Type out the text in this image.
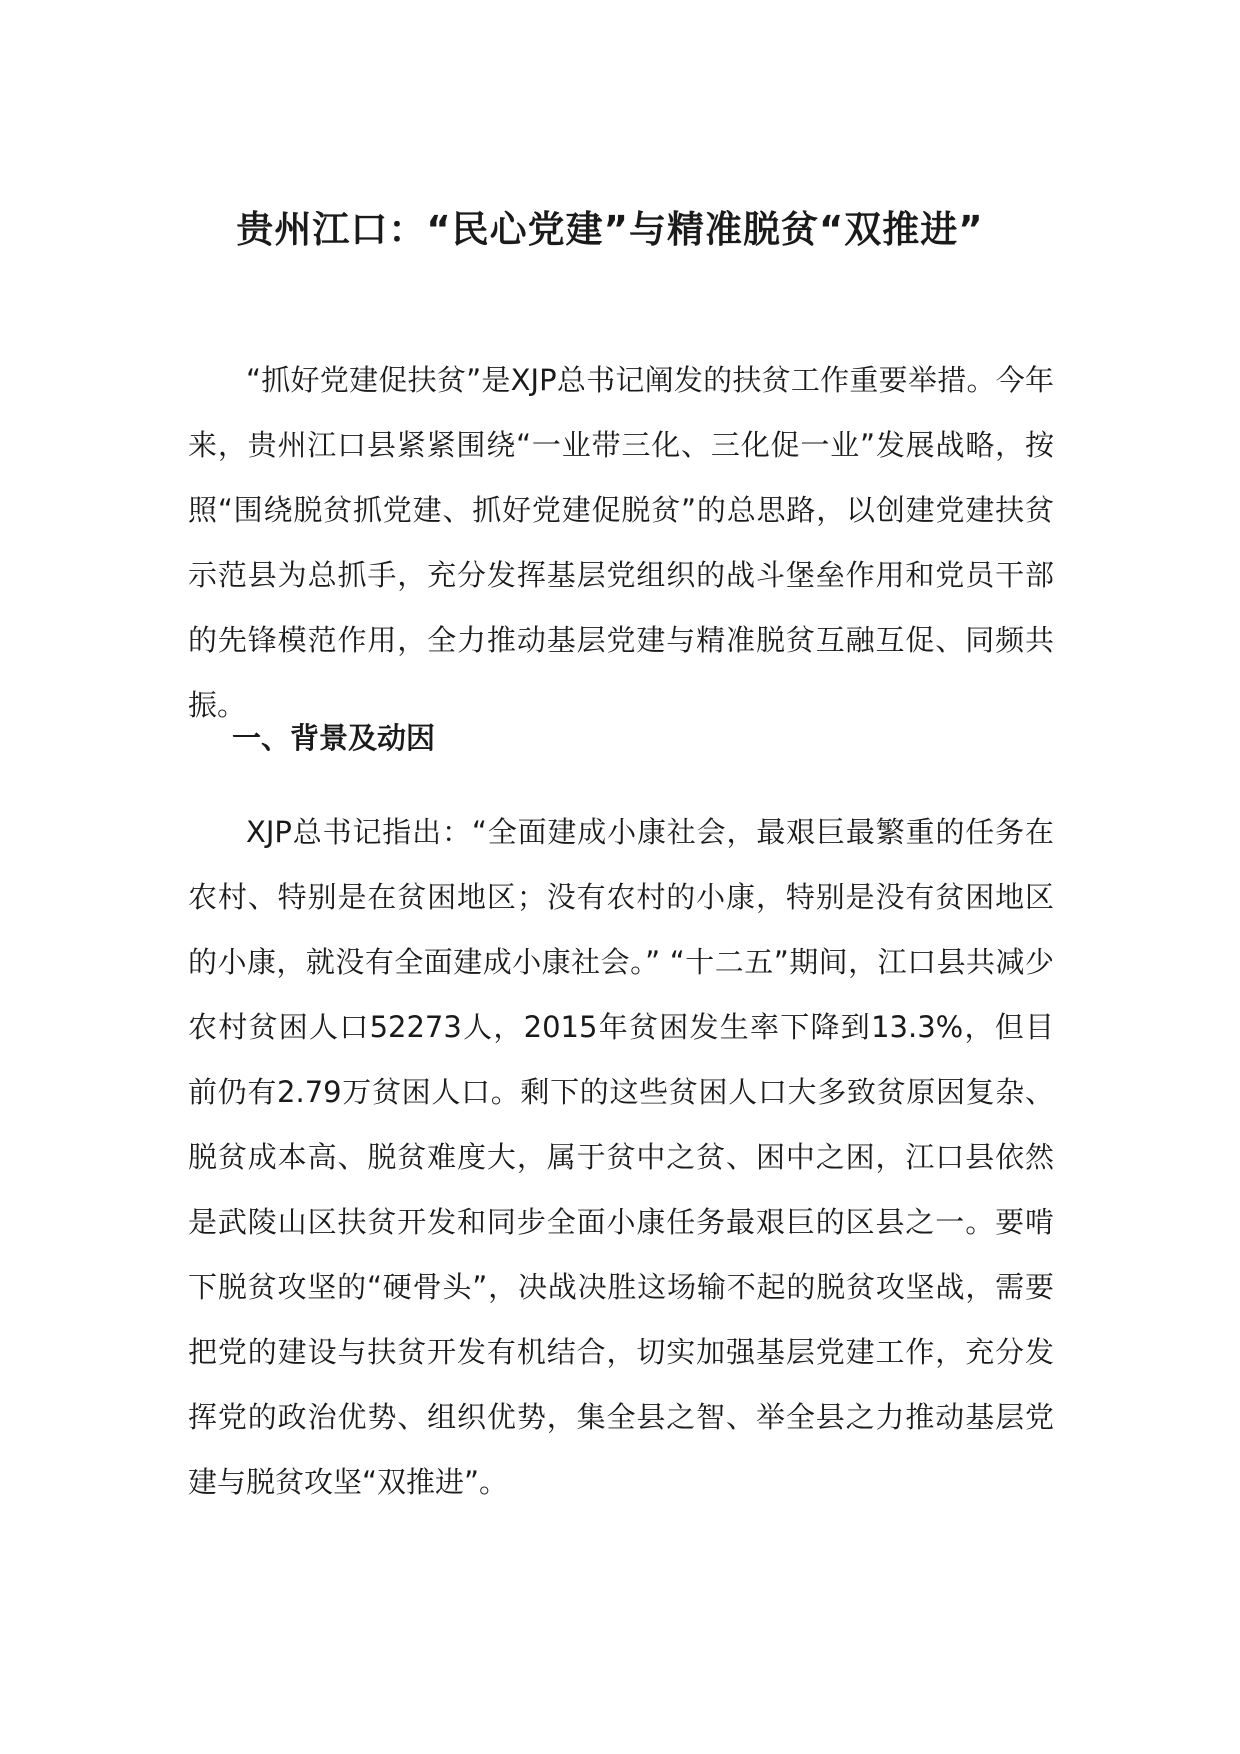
贵州江口：“民心党建”与精准脱贫“双推进”

“抓好党建促扶贫”是XJP总书记阐发的扶贫工作重要举措。今年来，贵州江口县紧紧围绕“一业带三化、三化促一业”发展战略，按照“围绕脱贫抓党建、抓好党建促脱贫”的总思路，以创建党建扶贫示范县为总抓手，充分发挥基层党组织的战斗堡垒作用和党员干部的先锋模范作用，全力推动基层党建与精准脱贫互融互促、同频共振。

一、背景及动因

XJP总书记指出：“全面建成小康社会，最艰巨最繁重的任务在农村、特别是在贫困地区；没有农村的小康，特别是没有贫困地区的小康，就没有全面建成小康社会。” “十二五”期间，江口县共减少农村贫困人口52273人，2015年贫困发生率下降到13.3%，但目前仍有2.79万贫困人口。剩下的这些贫困人口大多致贫原因复杂、脱贫成本高、脱贫难度大，属于贫中之贫、困中之困，江口县依然是武陵山区扶贫开发和同步全面小康任务最艰巨的区县之一。要啃下脱贫攻坚的“硬骨头”，决战决胜这场输不起的脱贫攻坚战，需要把党的建设与扶贫开发有机结合，切实加强基层党建工作，充分发挥党的政治优势、组织优势，集全县之智、举全县之力推动基层党建与脱贫攻坚“双推进”。
